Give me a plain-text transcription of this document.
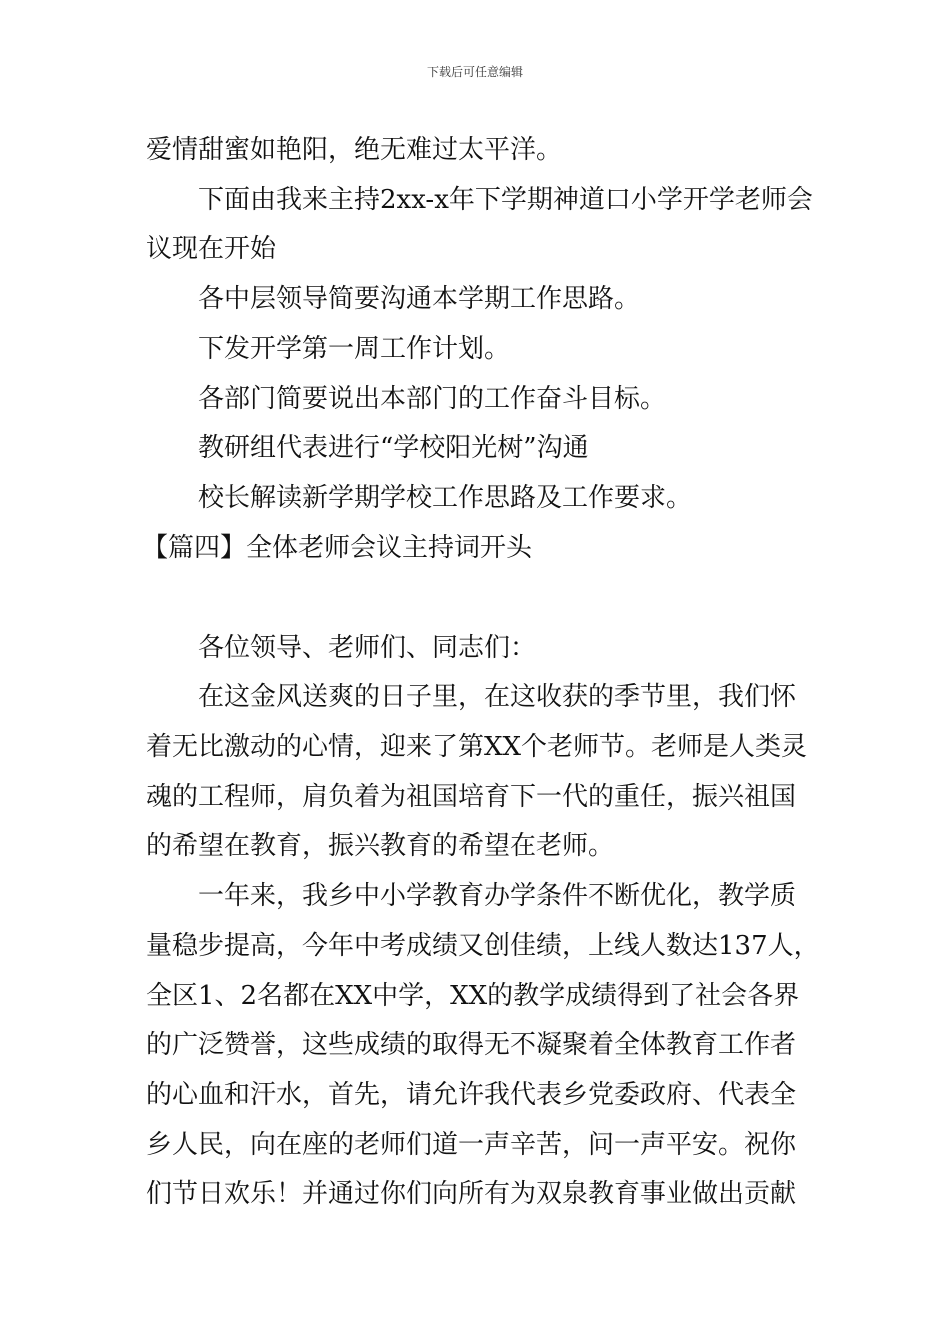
下载后可任意编辑
爱情甜蜜如艳阳，绝无难过太平洋。
下面由我来主持2xx-x年下学期神道口小学开学老师会
议现在开始
各中层领导简要沟通本学期工作思路。
下发开学第一周工作计划。
各部门简要说出本部门的工作奋斗目标。
教研组代表进行“学校阳光树”沟通
校长解读新学期学校工作思路及工作要求。
【篇四】全体老师会议主持词开头
各位领导、老师们、同志们：
在这金风送爽的日子里，在这收获的季节里，我们怀
着无比激动的心情，迎来了第XX个老师节。老师是人类灵
魂的工程师，肩负着为祖国培育下一代的重任，振兴祖国
的希望在教育，振兴教育的希望在老师。
一年来，我乡中小学教育办学条件不断优化，教学质
量稳步提高，今年中考成绩又创佳绩，上线人数达137人，
全区1、2名都在XX中学，XX的教学成绩得到了社会各界
的广泛赞誉，这些成绩的取得无不凝聚着全体教育工作者
的心血和汗水，首先，请允许我代表乡党委政府、代表全
乡人民，向在座的老师们道一声辛苦，问一声平安。祝你
们节日欢乐！并通过你们向所有为双泉教育事业做出贡献
